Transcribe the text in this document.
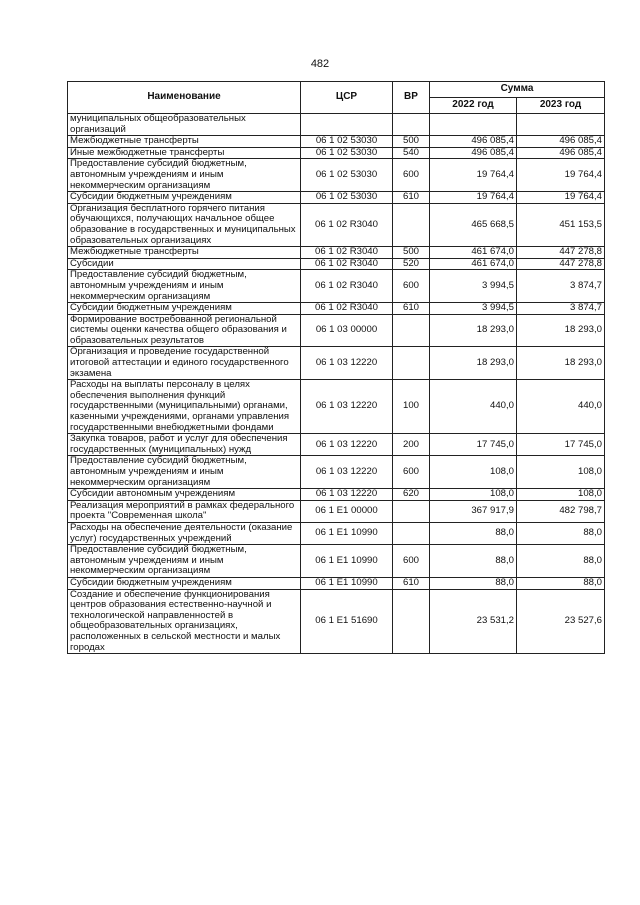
482
Наименование	ЦСР	ВР	Сумма	
			2022 год	2023 год
муниципальных общеобразовательных организаций				
Межбюджетные трансферты	06 1 02 53030	500	496 085,4	496 085,4
Иные межбюджетные трансферты	06 1 02 53030	540	496 085,4	496 085,4
Предоставление субсидий бюджетным, автономным учреждениям и иным некоммерческим организациям	06 1 02 53030	600	19 764,4	19 764,4
Субсидии бюджетным учреждениям	06 1 02 53030	610	19 764,4	19 764,4
Организация бесплатного горячего питания обучающихся, получающих начальное общее образование в государственных и муниципальных образовательных организациях	06 1 02 R3040		465 668,5	451 153,5
Межбюджетные трансферты	06 1 02 R3040	500	461 674,0	447 278,8
Субсидии	06 1 02 R3040	520	461 674,0	447 278,8
Предоставление субсидий бюджетным, автономным учреждениям и иным некоммерческим организациям	06 1 02 R3040	600	3 994,5	3 874,7
Субсидии бюджетным учреждениям	06 1 02 R3040	610	3 994,5	3 874,7
Формирование востребованной региональной системы оценки качества общего образования и образовательных результатов	06 1 03 00000		18 293,0	18 293,0
Организация и проведение государственной итоговой аттестации и единого государственного экзамена	06 1 03 12220		18 293,0	18 293,0
Расходы на выплаты персоналу в целях обеспечения выполнения функций государственными (муниципальными) органами, казенными учреждениями, органами управления государственными внебюджетными фондами	06 1 03 12220	100	440,0	440,0
Закупка товаров, работ и услуг для обеспечения государственных (муниципальных) нужд	06 1 03 12220	200	17 745,0	17 745,0
Предоставление субсидий бюджетным, автономным учреждениям и иным некоммерческим организациям	06 1 03 12220	600	108,0	108,0
Субсидии автономным учреждениям	06 1 03 12220	620	108,0	108,0
Реализация мероприятий в рамках федерального проекта "Современная школа"	06 1 E1 00000		367 917,9	482 798,7
Расходы на обеспечение деятельности (оказание услуг) государственных учреждений	06 1 E1 10990		88,0	88,0
Предоставление субсидий бюджетным, автономным учреждениям и иным некоммерческим организациям	06 1 E1 10990	600	88,0	88,0
Субсидии бюджетным учреждениям	06 1 E1 10990	610	88,0	88,0
Создание и обеспечение функционирования центров образования естественно-научной и технологической направленностей в общеобразовательных организациях, расположенных в сельской местности и малых городах	06 1 E1 51690		23 531,2	23 527,6
